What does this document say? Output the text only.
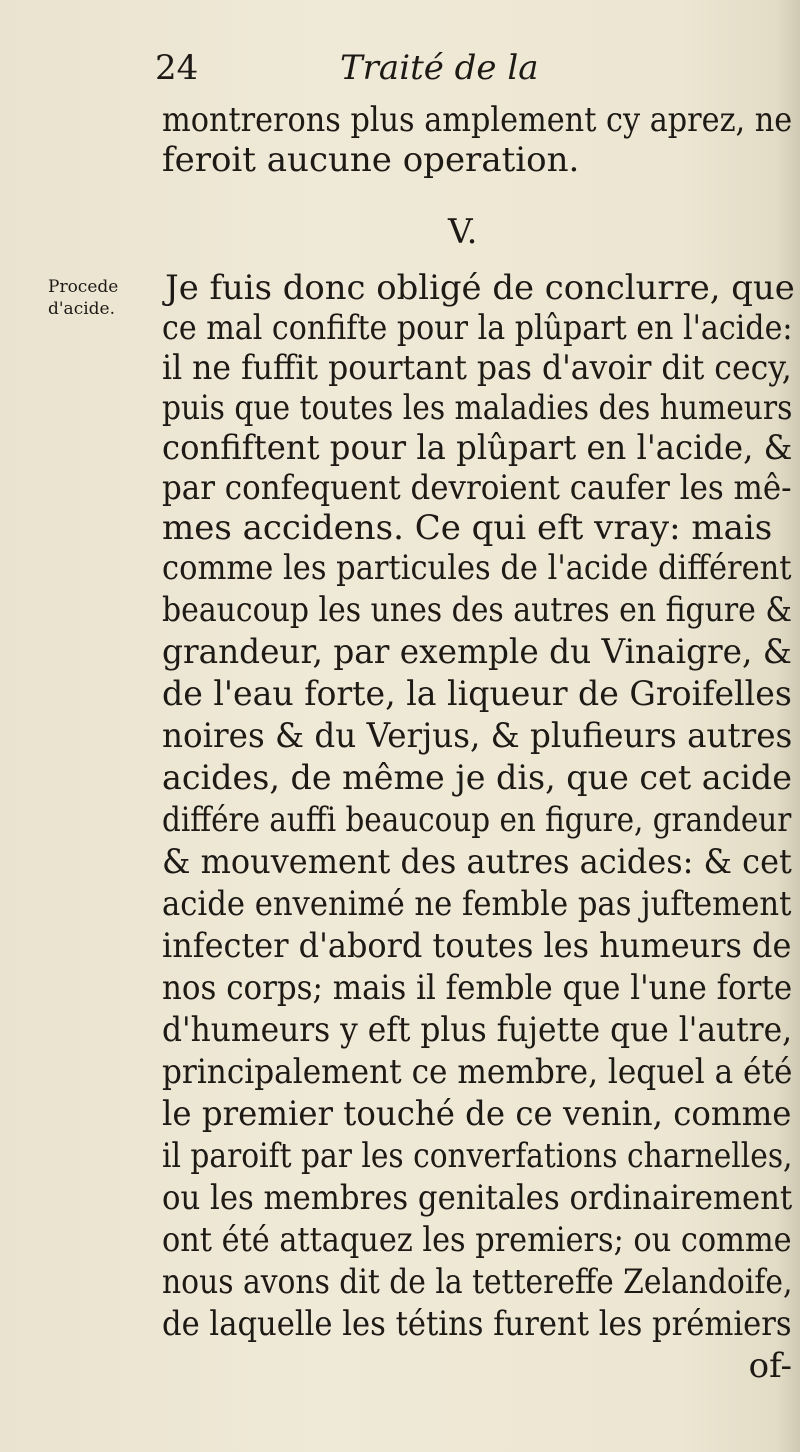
24	Traité de la
montrerons plus amplement cy aprez, ne
feroit aucune operation.
V.
Procede
d'acide.
Je fuis donc obligé de conclurre, que
ce mal confifte pour la plûpart en l'acide:
il ne fuffit pourtant pas d'avoir dit cecy,
puis que toutes les maladies des humeurs
confiftent pour la plûpart en l'acide, &
par confequent devroient caufer les mê-
mes accidens. Ce qui eft vray: mais
comme les particules de l'acide différent
beaucoup les unes des autres en figure &
grandeur, par exemple du Vinaigre, &
de l'eau forte, la liqueur de Groifelles
noires & du Verjus, & plufieurs autres
acides, de même je dis, que cet acide
différe auffi beaucoup en figure, grandeur
& mouvement des autres acides: & cet
acide envenimé ne femble pas juftement
infecter d'abord toutes les humeurs de
nos corps; mais il femble que l'une forte
d'humeurs y eft plus fujette que l'autre,
principalement ce membre, lequel a été
le premier touché de ce venin, comme
il paroift par les converfations charnelles,
ou les membres genitales ordinairement
ont été attaquez les premiers; ou comme
nous avons dit de la tettereffe Zelandoife,
de laquelle les tétins furent les prémiers
of-
